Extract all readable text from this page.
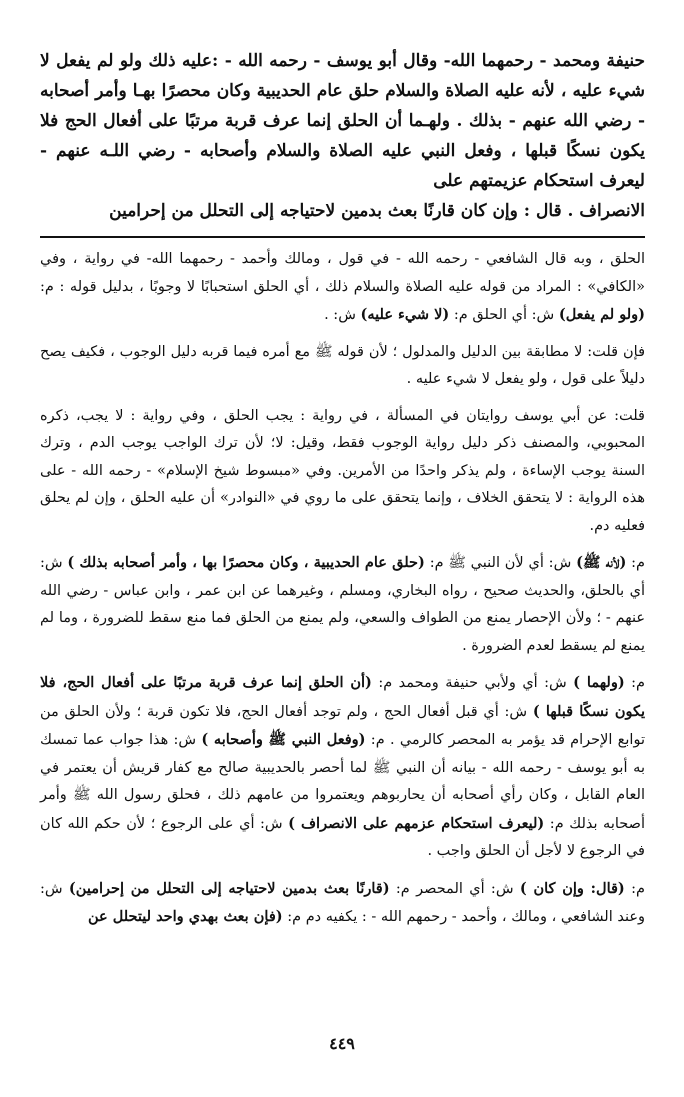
حنيفة ومحمد - رحمهما الله- وقال أبو يوسف - رحمه الله - :عليه ذلك ولو لم يفعل لا شيء عليه ، لأنه عليه الصلاة والسلام حلق عام الحديبية وكان محصرًا بهـا وأمر أصحابه - رضي الله عنهم - بذلك . ولهـما أن الحلق إنما عرف قربة مرتبًا على أفعال الحج فلا يكون نسكًا قبلها ، وفعل النبي عليه الصلاة والسلام وأصحابه - رضي اللـه عنهم - ليعرف استحكام عزيمتهم على
الانصراف . قال : وإن كان قارنًا بعث بدمين لاحتياجه إلى التحلل من إحرامين

الحلق ، وبه قال الشافعي - رحمه الله - في قول ، ومالك وأحمد - رحمهما الله- في رواية ، وفي «الكافي» : المراد من قوله عليه الصلاة والسلام ذلك ، أي الحلق استحبابًا لا وجوبًا ، بدليل قوله : م: (ولو لم يفعل) ش: أي الحلق م: (لا شيء عليه) ش: .

فإن قلت: لا مطابقة بين الدليل والمدلول ؛ لأن قوله ﷺ مع أمره فيما قربه دليل الوجوب ، فكيف يصح دليلاً على قول ، ولو يفعل لا شيء عليه .

قلت: عن أبي يوسف روايتان في المسألة ، في رواية : يجب الحلق ، وفي رواية : لا يجب، ذكره المحبوبي، والمصنف ذكر دليل رواية الوجوب فقط، وقيل: لا؛ لأن ترك الواجب يوجب الدم ، وترك السنة يوجب الإساءة ، ولم يذكر واحدًا من الأمرين. وفي «مبسوط شيخ الإسلام» - رحمه الله - على هذه الرواية : لا يتحقق الخلاف ، وإنما يتحقق على ما روي في «النوادر» أن عليه الحلق ، وإن لم يحلق فعليه دم.

م: (لأنه ﷺ) ش: أي لأن النبي ﷺ م: (حلق عام الحديبية ، وكان محصرًا بها ، وأمر أصحابه بذلك ) ش: أي بالحلق، والحديث صحيح ، رواه البخاري، ومسلم ، وغيرهما عن ابن عمر ، وابن عباس - رضي الله عنهم - ؛ ولأن الإحصار يمنع من الطواف والسعي، ولم يمنع من الحلق فما منع سقط للضرورة ، وما لم يمنع لم يسقط لعدم الضرورة .

م: (ولهما ) ش: أي ولأبي حنيفة ومحمد م: (أن الحلق إنما عرف قربة مرتبًا على أفعال الحج، فلا يكون نسكًا قبلها ) ش: أي قبل أفعال الحج ، ولم توجد أفعال الحج، فلا تكون قربة ؛ ولأن الحلق من توابع الإحرام قد يؤمر به المحصر كالرمي . م: (وفعل النبي ﷺ وأصحابه ) ش: هذا جواب عما تمسك به أبو يوسف - رحمه الله - بيانه أن النبي ﷺ لما أحصر بالحديبية صالح مع كفار قريش أن يعتمر في العام القابل ، وكان رأي أصحابه أن يحاربوهم ويعتمروا من عامهم ذلك ، فحلق رسول الله ﷺ وأمر أصحابه بذلك م: (ليعرف استحكام عزمهم على الانصراف ) ش: أي على الرجوع ؛ لأن حكم الله كان في الرجوع لا لأجل أن الحلق واجب .

م: (قال: وإن كان ) ش: أي المحصر م: (قارنًا بعث بدمين لاحتياجه إلى التحلل من إحرامين) ش: وعند الشافعي ، ومالك ، وأحمد - رحمهم الله - : يكفيه دم م: (فإن بعث بهدي واحد ليتحلل عن

٤٤٩
